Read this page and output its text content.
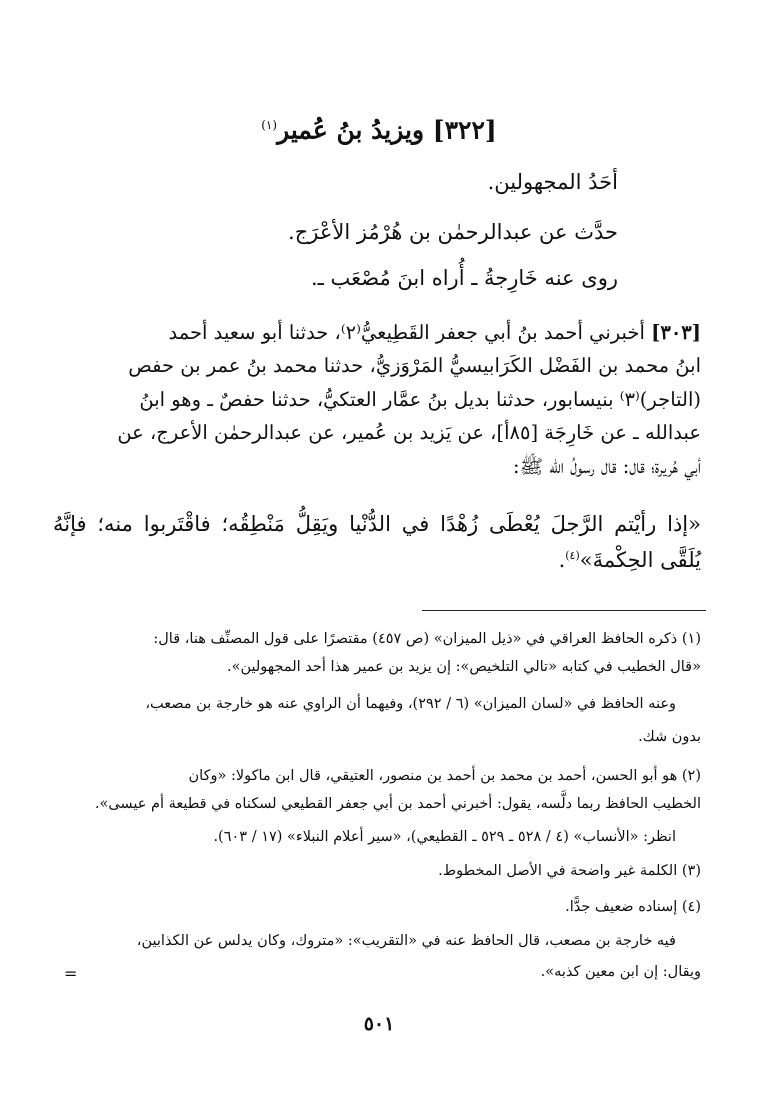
[٣٢٢] ويزيدُ بنُ عُمير$^{(١)}$
أحَدُ المجهولين.
حدَّث عن عبدالرحمٰن بن هُرْمُز الأعْرَج.
روى عنه خَارِجةُ ـ أُراه ابنَ مُصْعَب ـ.
[٣٠٣] أخبرني أحمد بنُ أبي جعفر القَطِيعيُّ⁽٢⁾، حدثنا أبو سعيد أحمد
ابنُ محمد بن الفَضْل الكَرَابيسيُّ المَرْوَزيُّ، حدثنا محمد بنُ عمر بن حفص
(التاجر)⁽٣⁾ بنيسابور، حدثنا بديل بنُ عمَّار العتكيُّ، حدثنا حفصٌ ـ وهو ابنُ
عبدالله ـ عن خَارِجَة [٨٥أ]، عن يَزيد بن عُمير، عن عبدالرحمٰن الأعرج، عن
أبي هُريرة؛ قال: قال رسولُ الله ﷺ:
«إذا رأيْتم الرَّجلَ يُعْطَى زُهْدًا في الدُّنْيا ويَقِلُّ مَنْطِقُه؛ فاقْتَربوا منه؛ فإنَّهُ يُلَقَّى الحِكْمةَ»$^{(٤)}$.
(١) ذكره الحافظ العراقي في «ذيل الميزان» (ص ٤٥٧) مقتصرًا على قول المصنِّف هنا، قال:
«قال الخطيب في كتابه «تالي التلخيص»: إن يزيد بن عمير هذا أحد المجهولين».
وعنه الحافظ في «لسان الميزان» (٦ / ٢٩٢)، وفيهما أن الراوي عنه هو خارجة بن مصعب،
بدون شك.
(٢) هو أبو الحسن، أحمد بن محمد بن أحمد بن منصور، العتيقي، قال ابن ماكولا: «وكان
الخطيب الحافظ ربما دلَّسه، يقول: أخبرني أحمد بن أبي جعفر القطيعي لسكناه في قطيعة أم عيسى».
انظر: «الأنساب» (٤ / ٥٢٨ ـ ٥٢٩ ـ القطيعي)، «سير أعلام النبلاء» (١٧ / ٦٠٣).
(٣) الكلمة غير واضحة في الأصل المخطوط.
(٤) إسناده ضعيف جدًّا.
فيه خارجة بن مصعب، قال الحافظ عنه في «التقريب»: «متروك، وكان يدلس عن الكذابين،
ويقال: إن ابن معين كذبه».
=
٥٠١
